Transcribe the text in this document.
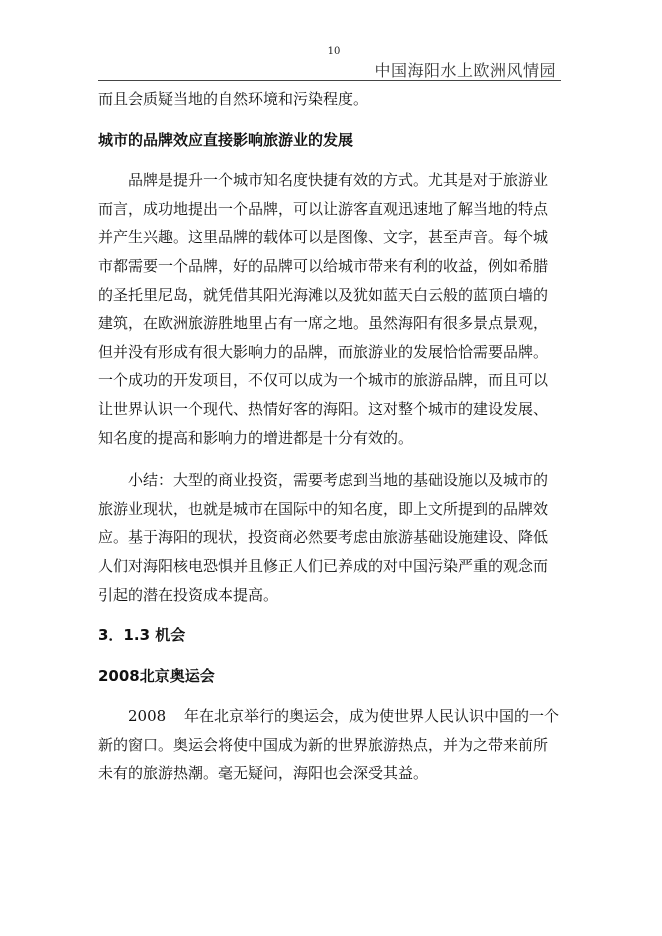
10
中国海阳水上欧洲风情园

而且会质疑当地的自然环境和污染程度。

城市的品牌效应直接影响旅游业的发展

品牌是提升一个城市知名度快捷有效的方式。尤其是对于旅游业

而言，成功地提出一个品牌，可以让游客直观迅速地了解当地的特点

并产生兴趣。这里品牌的载体可以是图像、文字，甚至声音。每个城

市都需要一个品牌，好的品牌可以给城市带来有利的收益，例如希腊

的圣托里尼岛，就凭借其阳光海滩以及犹如蓝天白云般的蓝顶白墙的

建筑，在欧洲旅游胜地里占有一席之地。虽然海阳有很多景点景观，

但并没有形成有很大影响力的品牌，而旅游业的发展恰恰需要品牌。

一个成功的开发项目，不仅可以成为一个城市的旅游品牌，而且可以

让世界认识一个现代、热情好客的海阳。这对整个城市的建设发展、

知名度的提高和影响力的增进都是十分有效的。

小结：大型的商业投资，需要考虑到当地的基础设施以及城市的

旅游业现状，也就是城市在国际中的知名度，即上文所提到的品牌效

应。基于海阳的现状，投资商必然要考虑由旅游基础设施建设、降低

人们对海阳核电恐惧并且修正人们已养成的对中国污染严重的观念而

引起的潜在投资成本提高。

3．1.3 机会

2008北京奥运会

2008 年在北京举行的奥运会，成为使世界人民认识中国的一个

新的窗口。奥运会将使中国成为新的世界旅游热点，并为之带来前所

未有的旅游热潮。毫无疑问，海阳也会深受其益。
